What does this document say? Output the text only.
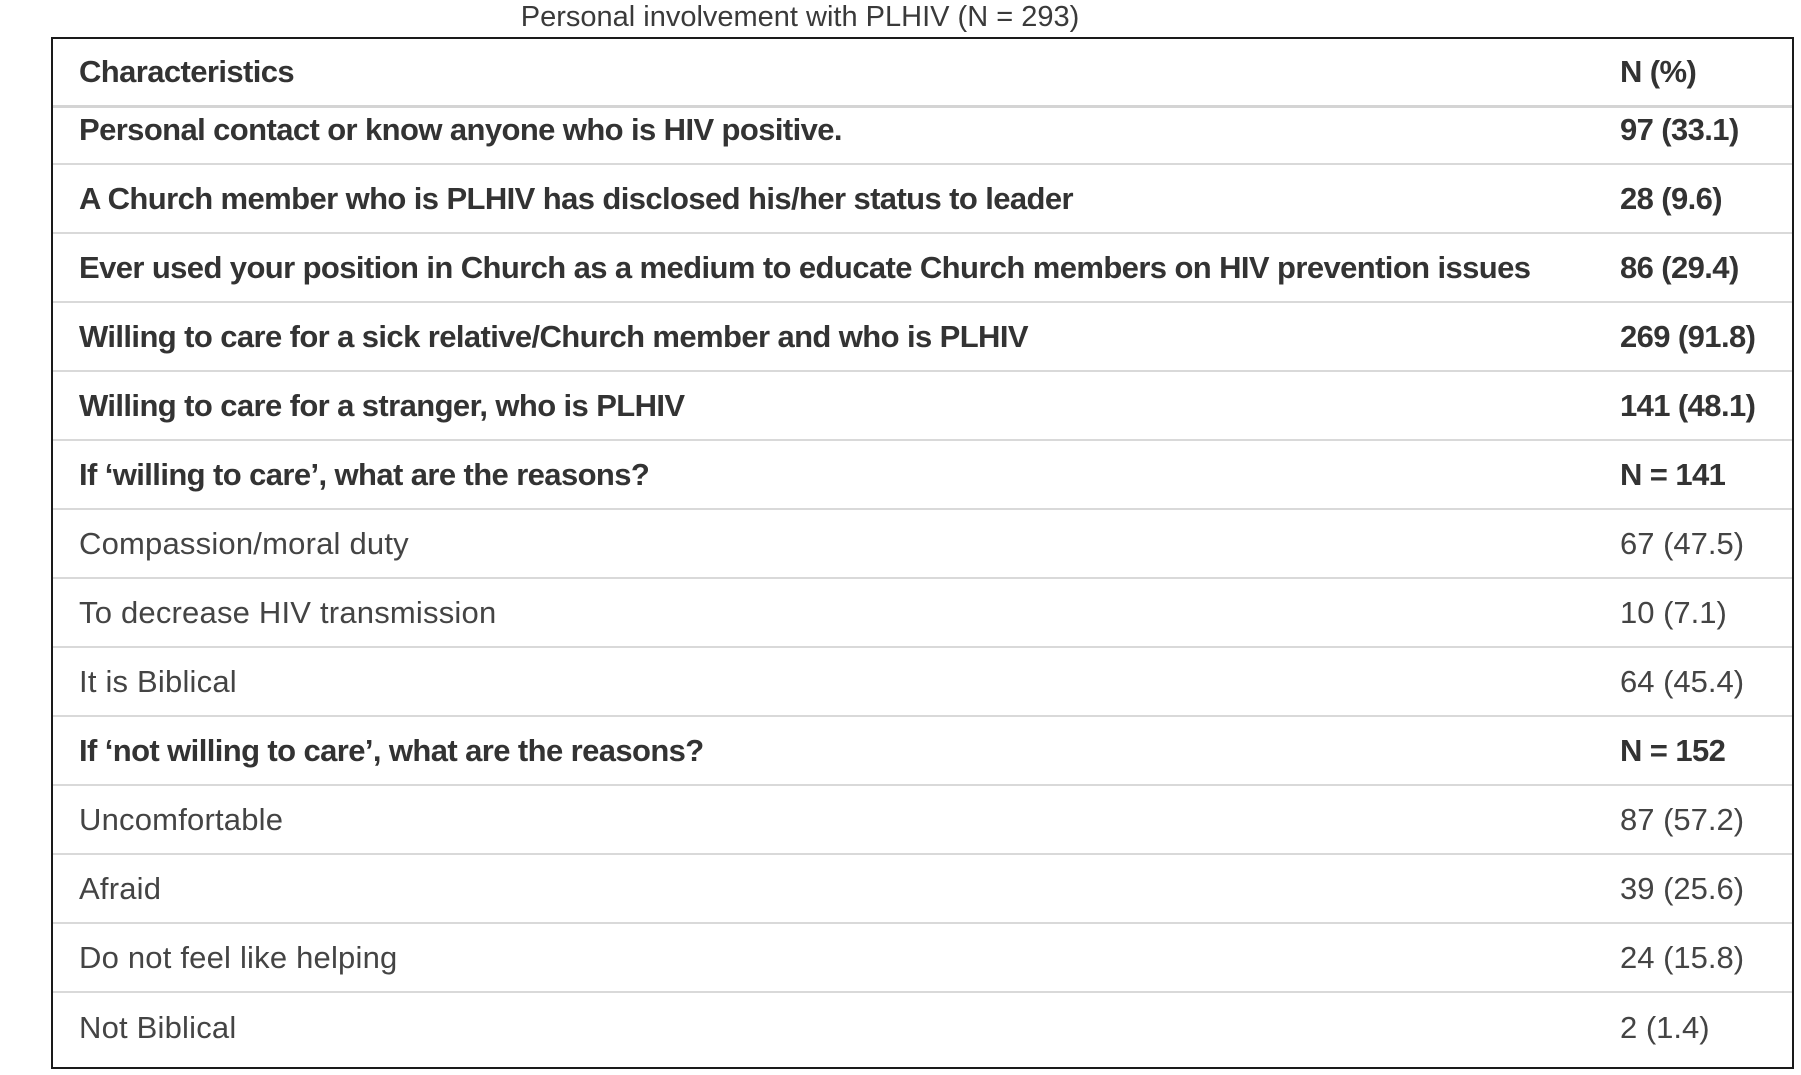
Personal involvement with PLHIV (N = 293)
Characteristics	N (%)
Personal contact or know anyone who is HIV positive.	97 (33.1)
A Church member who is PLHIV has disclosed his/her status to leader	28 (9.6)
Ever used your position in Church as a medium to educate Church members on HIV prevention issues	86 (29.4)
Willing to care for a sick relative/Church member and who is PLHIV	269 (91.8)
Willing to care for a stranger, who is PLHIV	141 (48.1)
If ‘willing to care’, what are the reasons?	N = 141
Compassion/moral duty	67 (47.5)
To decrease HIV transmission	10 (7.1)
It is Biblical	64 (45.4)
If ‘not willing to care’, what are the reasons?	N = 152
Uncomfortable	87 (57.2)
Afraid	39 (25.6)
Do not feel like helping	24 (15.8)
Not Biblical	2 (1.4)
